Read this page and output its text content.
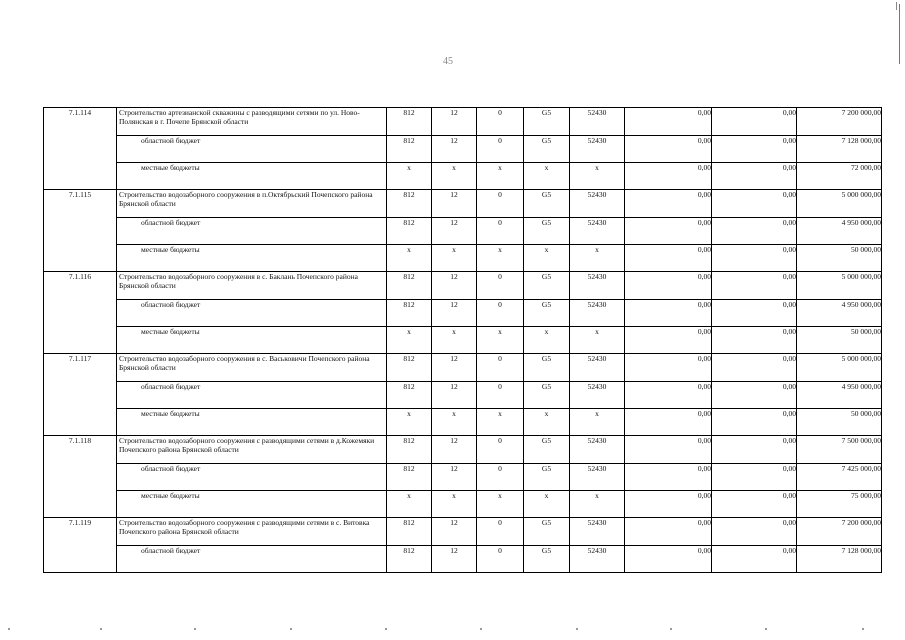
45
7.1.114	Строительство артезианской скважины с разводящими сетями по ул. Ново-Полянская в г. Почепе Брянской области	812	12	0	G5	52430	0,00	0,00	7 200 000,00
	областной бюджет	812	12	0	G5	52430	0,00	0,00	7 128 000,00
	местные бюджеты	х	х	х	х	х	0,00	0,00	72 000,00
7.1.115	Строительство водозаборного сооружения в п.Октябрьский Почепского района Брянской области	812	12	0	G5	52430	0,00	0,00	5 000 000,00
	областной бюджет	812	12	0	G5	52430	0,00	0,00	4 950 000,00
	местные бюджеты	х	х	х	х	х	0,00	0,00	50 000,00
7.1.116	Строительство водозаборного сооружения в с. Баклань Почепского района Брянской области	812	12	0	G5	52430	0,00	0,00	5 000 000,00
	областной бюджет	812	12	0	G5	52430	0,00	0,00	4 950 000,00
	местные бюджеты	х	х	х	х	х	0,00	0,00	50 000,00
7.1.117	Строительство водозаборного сооружения в с. Васьковичи Почепского района Брянской области	812	12	0	G5	52430	0,00	0,00	5 000 000,00
	областной бюджет	812	12	0	G5	52430	0,00	0,00	4 950 000,00
	местные бюджеты	х	х	х	х	х	0,00	0,00	50 000,00
7.1.118	Строительство водозаборного сооружения с разводящими сетями в д.Кожемяки Почепского района Брянской области	812	12	0	G5	52430	0,00	0,00	7 500 000,00
	областной бюджет	812	12	0	G5	52430	0,00	0,00	7 425 000,00
	местные бюджеты	х	х	х	х	х	0,00	0,00	75 000,00
7.1.119	Строительство водозаборного сооружения с разводящими сетями в с. Витовка Почепского района Брянской области	812	12	0	G5	52430	0,00	0,00	7 200 000,00
	областной бюджет	812	12	0	G5	52430	0,00	0,00	7 128 000,00
